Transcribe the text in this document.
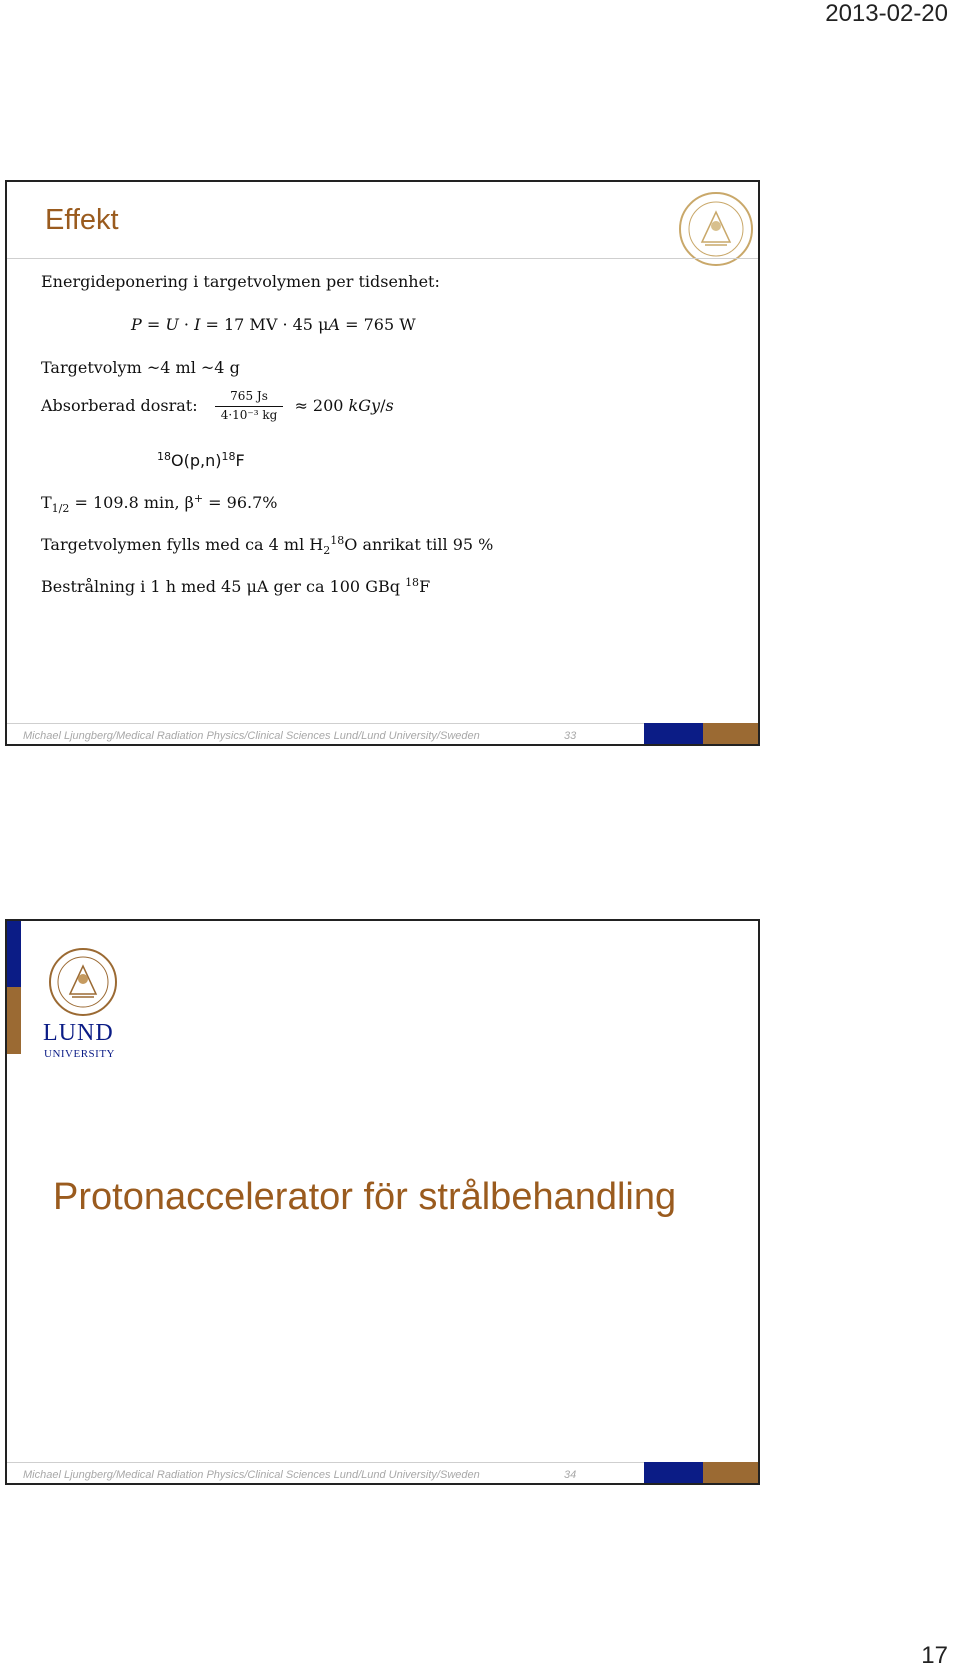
2013-02-20
Effekt
Energideponering i targetvolymen per tidsenhet:
𝑃 = 𝑈 · 𝐼 = 17 MV · 45 μ𝐴 = 765 W
Targetvolym ~4 ml ~4 g
Absorberad dosrat: $\frac{765 Js}{\text{4·10⁻³ kg}} \approx 200$ 𝑘𝐺𝑦/𝑠
$^{18}O(p,n)^{18}F$
$T_{1/2} = 109.8$ min, β+ = 96.7%
Targetvolymen fylls med ca 4 ml $H_2^{18}O$ anrikat till 95 %
Bestrålning i 1 h med 45 μA ger ca 100 GBq $^{18}$F
Michael Ljungberg/Medical Radiation Physics/Clinical Sciences Lund/Lund University/Sweden	33
LUND
UNIVERSITY
Protonaccelerator för strålbehandling
Michael Ljungberg/Medical Radiation Physics/Clinical Sciences Lund/Lund University/Sweden	34
17
